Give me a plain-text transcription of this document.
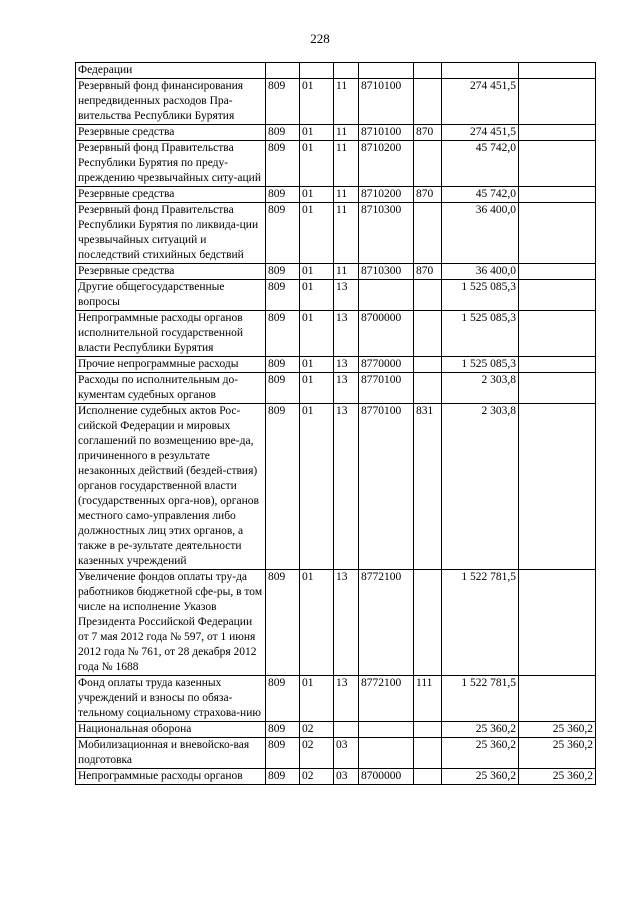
228
Федерации							
Резервный фонд финансирования непредвиденных расходов Пра-вительства Республики Бурятия	809	01	11	8710100		274 451,5	
Резервные средства	809	01	11	8710100	870	274 451,5	
Резервный фонд Правительства Республики Бурятия по преду-преждению чрезвычайных ситу-аций	809	01	11	8710200		45 742,0	
Резервные средства	809	01	11	8710200	870	45 742,0	
Резервный фонд Правительства Республики Бурятия по ликвида-ции чрезвычайных ситуаций и последствий стихийных бедствий	809	01	11	8710300		36 400,0	
Резервные средства	809	01	11	8710300	870	36 400,0	
Другие общегосударственные вопросы	809	01	13			1 525 085,3	
Непрограммные расходы органов исполнительной государственной власти Республики Бурятия	809	01	13	8700000		1 525 085,3	
Прочие непрограммные расходы	809	01	13	8770000		1 525 085,3	
Расходы по исполнительным до-кументам судебных органов	809	01	13	8770100		2 303,8	
Исполнение судебных актов Рос-сийской Федерации и мировых соглашений по возмещению вре-да, причиненного в результате незаконных действий (бездей-ствия) органов государственной власти (государственных орга-нов), органов местного само-управления либо должностных лиц этих органов, а также в ре-зультате деятельности казенных учреждений	809	01	13	8770100	831	2 303,8	
Увеличение фондов оплаты тру-да работников бюджетной сфе-ры, в том числе на исполнение Указов Президента Российской Федерации от 7 мая 2012 года № 597, от 1 июня 2012 года № 761, от 28 декабря 2012 года № 1688	809	01	13	8772100		1 522 781,5	
Фонд оплаты труда казенных учреждений и взносы по обяза-тельному социальному страхова-нию	809	01	13	8772100	111	1 522 781,5	
Национальная оборона	809	02				25 360,2	25 360,2
Мобилизационная и вневойско-вая подготовка	809	02	03			25 360,2	25 360,2
Непрограммные расходы органов	809	02	03	8700000		25 360,2	25 360,2
